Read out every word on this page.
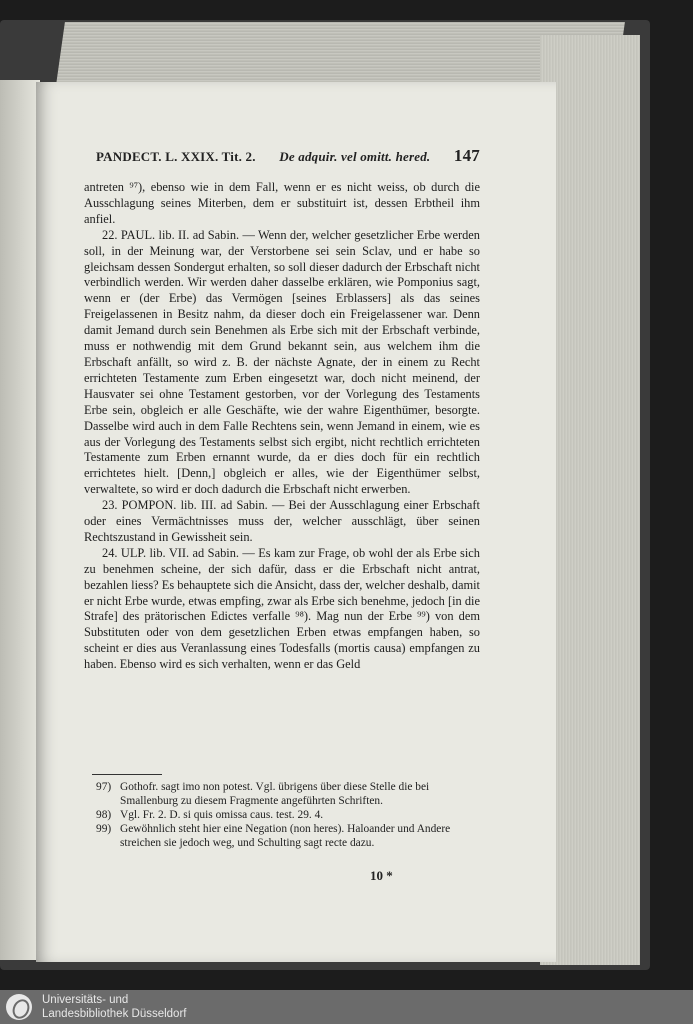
PANDECT. L. XXIX. Tit. 2. De adquir. vel omitt. hered. 147

antreten ⁹⁷), ebenso wie in dem Fall, wenn er es nicht weiss, ob durch die Ausschlagung seines Miterben, dem er substituirt ist, dessen Erbtheil ihm anfiel.

22. PAUL. lib. II. ad Sabin. — Wenn der, welcher gesetzlicher Erbe werden soll, in der Meinung war, der Verstorbene sei sein Sclav, und er habe so gleichsam dessen Sondergut erhalten, so soll dieser dadurch der Erbschaft nicht verbindlich werden. Wir werden daher dasselbe erklären, wie Pomponius sagt, wenn er (der Erbe) das Vermögen [seines Erblassers] als das seines Freigelassenen in Besitz nahm, da dieser doch ein Freigelassener war. Denn damit Jemand durch sein Benehmen als Erbe sich mit der Erbschaft verbinde, muss er nothwendig mit dem Grund bekannt sein, aus welchem ihm die Erbschaft anfällt, so wird z. B. der nächste Agnate, der in einem zu Recht errichteten Testamente zum Erben eingesetzt war, doch nicht meinend, der Hausvater sei ohne Testament gestorben, vor der Vorlegung des Testaments Erbe sein, obgleich er alle Geschäfte, wie der wahre Eigenthümer, besorgte. Dasselbe wird auch in dem Falle Rechtens sein, wenn Jemand in einem, wie es aus der Vorlegung des Testaments selbst sich ergibt, nicht rechtlich errichteten Testamente zum Erben ernannt wurde, da er dies doch für ein rechtlich errichtetes hielt. [Denn,] obgleich er alles, wie der Eigenthümer selbst, verwaltete, so wird er doch dadurch die Erbschaft nicht erwerben.

23. POMPON. lib. III. ad Sabin. — Bei der Ausschlagung einer Erbschaft oder eines Vermächtnisses muss der, welcher ausschlägt, über seinen Rechtszustand in Gewissheit sein.

24. ULP. lib. VII. ad Sabin. — Es kam zur Frage, ob wohl der als Erbe sich zu benehmen scheine, der sich dafür, dass er die Erbschaft nicht antrat, bezahlen liess? Es behauptete sich die Ansicht, dass der, welcher deshalb, damit er nicht Erbe wurde, etwas empfing, zwar als Erbe sich benehme, jedoch [in die Strafe] des prätorischen Edictes verfalle ⁹⁸). Mag nun der Erbe ⁹⁹) von dem Substituten oder von dem gesetzlichen Erben etwas empfangen haben, so scheint er dies aus Veranlassung eines Todesfalls (mortis causa) empfangen zu haben. Ebenso wird es sich verhalten, wenn er das Geld

97) Gothofr. sagt imo non potest. Vgl. übrigens über diese Stelle die bei Smallenburg zu diesem Fragmente angeführten Schriften.
98) Vgl. Fr. 2. D. si quis omissa caus. test. 29. 4.
99) Gewöhnlich steht hier eine Negation (non heres). Haloander und Andere streichen sie jedoch weg, und Schulting sagt recte dazu.
10 *
Universitäts- und
Landesbibliothek Düsseldorf
